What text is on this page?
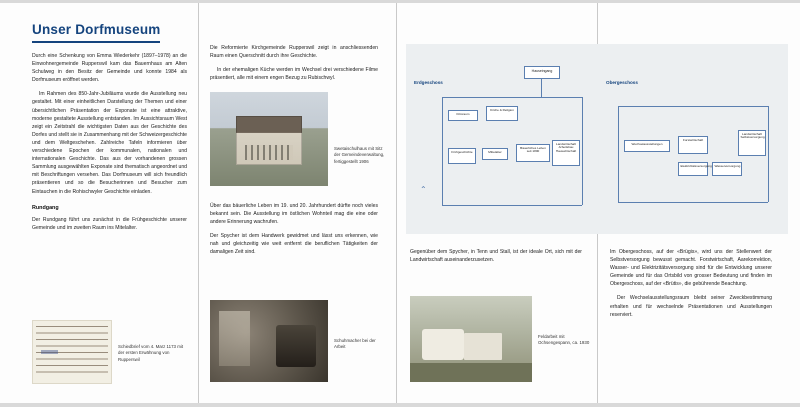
Unser Dorfmuseum

Durch eine Schenkung von Emma Wiederkehr (1897–1978) an die Einwohnergemeinde Rupperswil kam das Bauernhaus am Alten Schulweg in den Besitz der Gemeinde und konnte 1984 als Dorfmuseum eröffnet werden.

Im Rahmen des 850-Jahr-Jubiläums wurde die Ausstellung neu gestaltet. Mit einer einheitlichen Darstellung der Themen und einer übersichtlichen Präsentation der Exponate ist eine attraktive, moderne gestaltete Ausstellung entstanden. Im Aussichtsraum West zeigt ein Zeitstrahl die wichtigsten Daten aus der Geschichte des Dorfes und stellt sie in Zusammenhang mit der Schweizergeschichte und dem Weltgeschehen. Zahlreiche Tafeln informieren über verschiedene Epochen der kommunalen, nationalen und internationalen Geschichte. Das aus der vorhandenen grossen Sammlung ausgewählten Exponate sind thematisch angeordnet und mit Beschriftungen versehen. Das Dorfmuseum will sich freundlich präsentieren und so die Besucherinnen und Besucher zum Eintauchen in die Rohischwyler Geschichte einladen.

Rundgang

Der Rundgang führt uns zunächst in die Frühgeschichte unserer Gemeinde und im zweiten Raum ins Mitelalter.

Schiedbrief vom 4. Marz 1173 mit der ersten Erwähnung von Rupperswil

Die Reformierte Kirchgemeinde Rupperswil zeigt in anschliessenden Raum einen Querschnitt durch ihre Geschichte.

In der ehemaligen Küche werden im Wechsel drei verschiedene Filme präsentiert, alle mit einem engen Bezug zu Rubischwyl.

Swetaischulhaus mit Sitz der Gemeindeverwaltung, fertiggestellt 1906

Über das bäuerliche Leben im 19. und 20. Jahrhundert dürfte noch vieles bekannt sein. Die Ausstellung im östlichen Wohnteil mag die eine oder andere Erinnerung wachrufen.

Der Spycher ist dem Handwerk gewidmet und lässt uns erkennen, wie nah und gleichzeitig wie weit entfernt die beruflichen Tätigkeiten der damaligen Zeit sind.

Schuhmacher bei der Arbeit
Erdgeschoss	Obergeschoss
Hauseingang
Filmraum
Kirche & Religion
Frühgeschichte	Mittelalter
Bäuerliches Leben seit 1800
Landwirtschaft Arbeitsbau Hauswirtschaft
⌃
Wechselausstellungen
Forstwirtschaft
Elektrizitätsversorgung Wasserversorgung
Landwirtschaft Selbstversorgung

Gegenüber dem Spycher, in Tenn und Stall, ist der ideale Ort, sich mit der Landwirtschaft auseinanderzusetzen.

Feldarbeit mit Ochsengespann, ca. 1930

Im Obergeschoss, auf der «Brügis», wird uns der Stellenwert der Selbstversorgung bewusst gemacht. Forstwirtschaft, Aarekorrektion, Wasser- und Elektrizitätsversorgung sind für die Entwicklung unserer Gemeinde und für das Ortsbild von grosser Bedeutung und finden im Obergeschoss, auf der «Brütis», die gebührende Beachtung.

Der Wechselausstellungsraum bleibt seiner Zweckbestimmung erhalten und für wechselnde Präsentationen und Ausstellungen reserviert.
